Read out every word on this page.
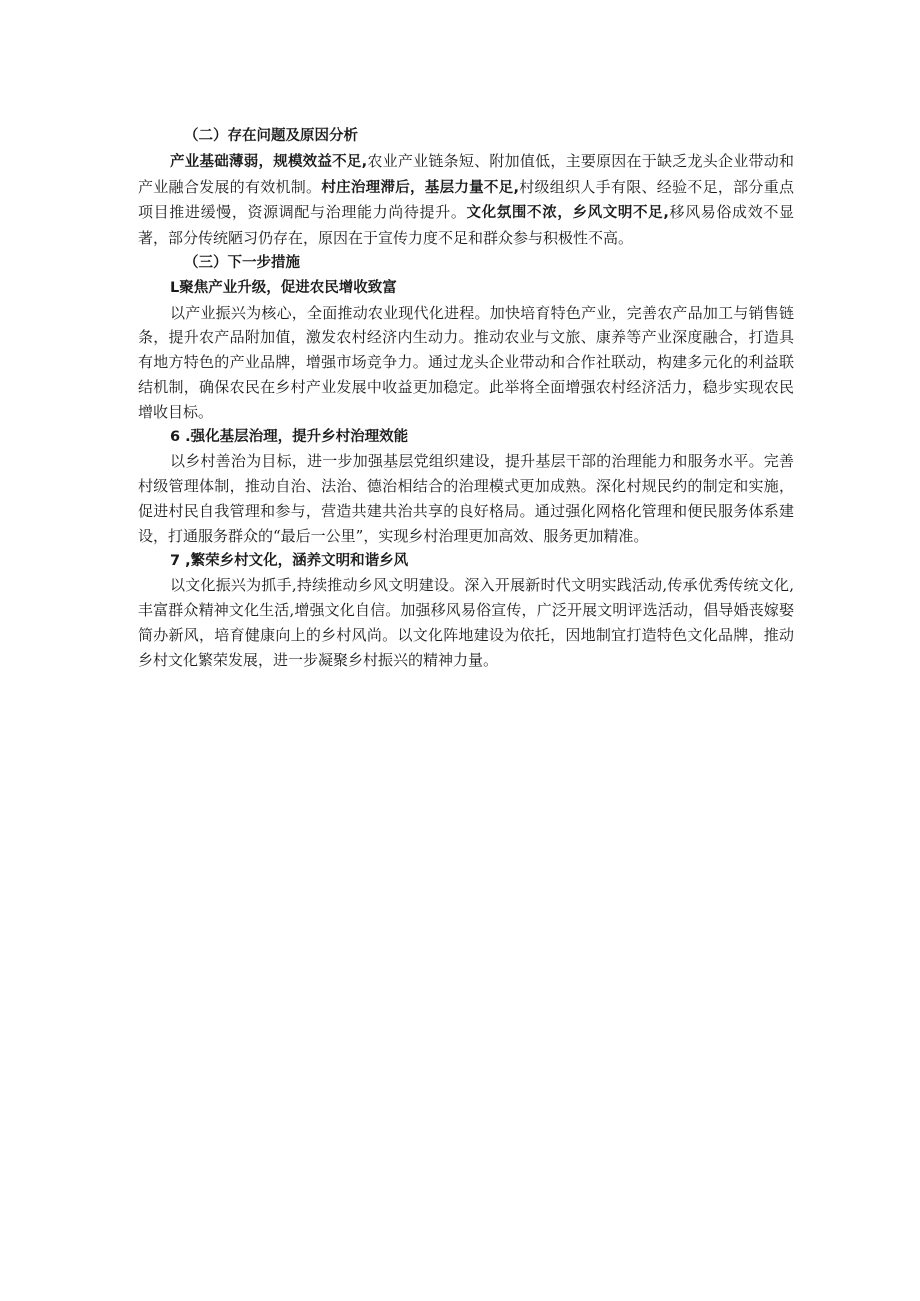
（二）存在问题及原因分析

产业基础薄弱，规模效益不足,农业产业链条短、附加值低，主要原因在于缺乏龙头企业带动和产业融合发展的有效机制。村庄治理滞后，基层力量不足,村级组织人手有限、经验不足，部分重点项目推进缓慢，资源调配与治理能力尚待提升。文化氛围不浓，乡风文明不足,移风易俗成效不显著，部分传统陋习仍存在，原因在于宣传力度不足和群众参与积极性不高。

（三）下一步措施

L聚焦产业升级，促进农民增收致富

以产业振兴为核心，全面推动农业现代化进程。加快培育特色产业，完善农产品加工与销售链条，提升农产品附加值，激发农村经济内生动力。推动农业与文旅、康养等产业深度融合，打造具有地方特色的产业品牌，增强市场竞争力。通过龙头企业带动和合作社联动，构建多元化的利益联结机制，确保农民在乡村产业发展中收益更加稳定。此举将全面增强农村经济活力，稳步实现农民增收目标。

6 .强化基层治理，提升乡村治理效能

以乡村善治为目标，进一步加强基层党组织建设，提升基层干部的治理能力和服务水平。完善村级管理体制，推动自治、法治、德治相结合的治理模式更加成熟。深化村规民约的制定和实施，促进村民自我管理和参与，营造共建共治共享的良好格局。通过强化网格化管理和便民服务体系建设，打通服务群众的“最后一公里”，实现乡村治理更加高效、服务更加精准。

7 ,繁荣乡村文化，涵养文明和谐乡风

以文化振兴为抓手,持续推动乡风文明建设。深入开展新时代文明实践活动,传承优秀传统文化,丰富群众精神文化生活,增强文化自信。加强移风易俗宣传，广泛开展文明评选活动，倡导婚丧嫁娶简办新风，培育健康向上的乡村风尚。以文化阵地建设为依托，因地制宜打造特色文化品牌，推动乡村文化繁荣发展，进一步凝聚乡村振兴的精神力量。
